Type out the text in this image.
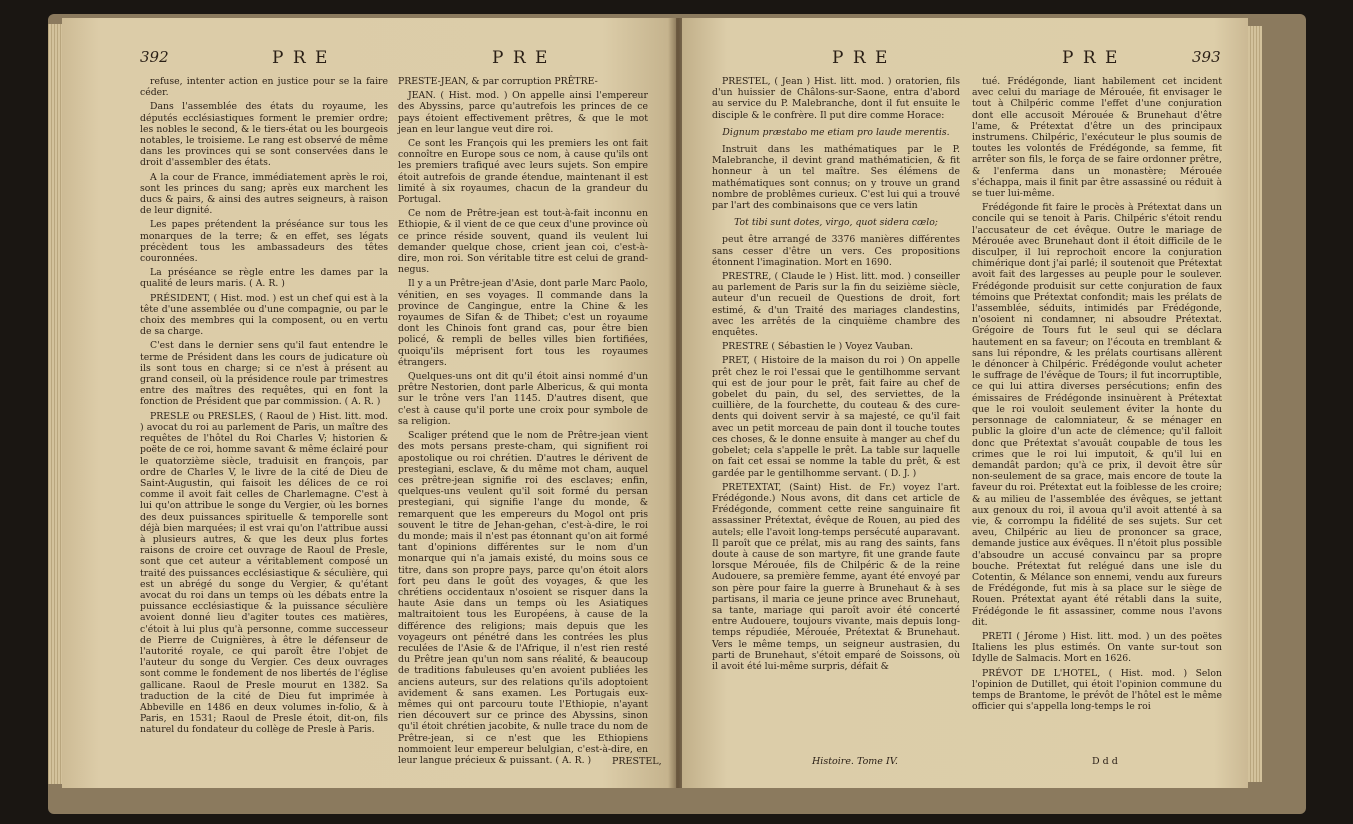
392	P R E	P R E

refuse, intenter action en justice pour se la faire céder.

Dans l'assemblée des états du royaume, les députés ecclésiastiques forment le premier ordre; les nobles le second, & le tiers-état ou les bourgeois notables, le troisieme. Le rang est observé de même dans les provinces qui se sont conservées dans le droit d'assembler des états.

A la cour de France, immédiatement après le roi, sont les princes du sang; après eux marchent les ducs & pairs, & ainsi des autres seigneurs, à raison de leur dignité.

Les papes prétendent la préséance sur tous les monarques de la terre; & en effet, ses légats précèdent tous les ambassadeurs des têtes couronnées.

La préséance se règle entre les dames par la qualité de leurs maris. ( A. R. )

PRÉSIDENT, ( Hist. mod. ) est un chef qui est à la tête d'une assemblée ou d'une compagnie, ou par le choix des membres qui la composent, ou en vertu de sa charge.

C'est dans le dernier sens qu'il faut entendre le terme de Président dans les cours de judicature où ils sont tous en charge; si ce n'est à présent au grand conseil, où la présidence roule par trimestres entre des maîtres des requêtes, qui en font la fonction de Président que par commission. ( A. R. )

PRESLE ou PRESLES, ( Raoul de ) Hist. litt. mod. ) avocat du roi au parlement de Paris, un maître des requêtes de l'hôtel du Roi Charles V; historien & poëte de ce roi, homme savant & même éclairé pour le quatorzième siècle, traduisit en françois, par ordre de Charles V, le livre de la cité de Dieu de Saint-Augustin, qui faisoit les délices de ce roi comme il avoit fait celles de Charlemagne. C'est à lui qu'on attribue le songe du Vergier, où les bornes des deux puissances spirituelle & temporelle sont déjà bien marquées; il est vrai qu'on l'attribue aussi à plusieurs autres, & que les deux plus fortes raisons de croire cet ouvrage de Raoul de Presle, sont que cet auteur a véritablement composé un traité des puissances ecclésiastique & séculière, qui est un abrégé du songe du Vergier, & qu'étant avocat du roi dans un temps où les débats entre la puissance ecclésiastique & la puissance séculière avoient donné lieu d'agiter toutes ces matières, c'étoit à lui plus qu'à personne, comme successeur de Pierre de Cuignières, à être le défenseur de l'autorité royale, ce qui paroît être l'objet de l'auteur du songe du Vergier. Ces deux ouvrages sont comme le fondement de nos libertés de l'église gallicane. Raoul de Presle mourut en 1382. Sa traduction de la cité de Dieu fut imprimée à Abbeville en 1486 en deux volumes in-folio, & à Paris, en 1531; Raoul de Presle étoit, dit-on, fils naturel du fondateur du collège de Presle à Paris.

PRESTE-JEAN, & par corruption PRÊTRE-

JEAN. ( Hist. mod. ) On appelle ainsi l'empereur des Abyssins, parce qu'autrefois les princes de ce pays étoient effectivement prêtres, & que le mot jean en leur langue veut dire roi.

Ce sont les François qui les premiers les ont fait connoître en Europe sous ce nom, à cause qu'ils ont les premiers trafiqué avec leurs sujets. Son empire étoit autrefois de grande étendue, maintenant il est limité à six royaumes, chacun de la grandeur du Portugal.

Ce nom de Prêtre-jean est tout-à-fait inconnu en Ethiopie, & il vient de ce que ceux d'une province où ce prince réside souvent, quand ils veulent lui demander quelque chose, crient jean coi, c'est-à-dire, mon roi. Son véritable titre est celui de grand-negus.

Il y a un Prêtre-jean d'Asie, dont parle Marc Paolo, vénitien, en ses voyages. Il commande dans la province de Cangingue, entre la Chine & les royaumes de Sifan & de Thibet; c'est un royaume dont les Chinois font grand cas, pour être bien policé, & rempli de belles villes bien fortifiées, quoiqu'ils méprisent fort tous les royaumes étrangers.

Quelques-uns ont dit qu'il étoit ainsi nommé d'un prêtre Nestorien, dont parle Albericus, & qui monta sur le trône vers l'an 1145. D'autres disent, que c'est à cause qu'il porte une croix pour symbole de sa religion.

Scaliger prétend que le nom de Prêtre-jean vient des mots persans preste-cham, qui signifient roi apostolique ou roi chrétien. D'autres le dérivent de prestegiani, esclave, & du même mot cham, auquel ces prêtre-jean signifie roi des esclaves; enfin, quelques-uns veulent qu'il soit formé du persan prestegiani, qui signifie l'ange du monde, & remarquent que les empereurs du Mogol ont pris souvent le titre de Jehan-gehan, c'est-à-dire, le roi du monde; mais il n'est pas étonnant qu'on ait formé tant d'opinions différentes sur le nom d'un monarque qui n'a jamais existé, du moins sous ce titre, dans son propre pays, parce qu'on étoit alors fort peu dans le goût des voyages, & que les chrétiens occidentaux n'osoient se risquer dans la haute Asie dans un temps où les Asiatiques maltraitoient tous les Européens, à cause de la différence des religions; mais depuis que les voyageurs ont pénétré dans les contrées les plus reculées de l'Asie & de l'Afrique, il n'est rien resté du Prêtre jean qu'un nom sans réalité, & beaucoup de traditions fabuleuses qu'en avoient publiées les anciens auteurs, sur des relations qu'ils adoptoient avidement & sans examen. Les Portugais eux-mêmes qui ont parcouru toute l'Ethiopie, n'ayant rien découvert sur ce prince des Abyssins, sinon qu'il étoit chrétien jacobite, & nulle trace du nom de Prêtre-jean, si ce n'est que les Ethiopiens nommoient leur empereur belulgian, c'est-à-dire, en leur langue précieux & puissant. ( A. R. )	PRESTEL,
P R E	P R E	393

PRESTEL, ( Jean ) Hist. litt. mod. ) oratorien, fils d'un huissier de Châlons-sur-Saone, entra d'abord au service du P. Malebranche, dont il fut ensuite le disciple & le confrère. Il put dire comme Horace:

Dignum præstabo me etiam pro laude merentis.

Instruit dans les mathématiques par le P. Malebranche, il devint grand mathématicien, & fit honneur à un tel maître. Ses élémens de mathématiques sont connus; on y trouve un grand nombre de problêmes curieux. C'est lui qui a trouvé par l'art des combinaisons que ce vers latin

Tot tibi sunt dotes, virgo, quot sidera cœlo;

peut être arrangé de 3376 manières différentes sans cesser d'être un vers. Ces propositions étonnent l'imagination. Mort en 1690.

PRESTRE, ( Claude le ) Hist. litt. mod. ) conseiller au parlement de Paris sur la fin du seizième siècle, auteur d'un recueil de Questions de droit, fort estimé, & d'un Traité des mariages clandestins, avec les arrêtés de la cinquième chambre des enquêtes.

PRESTRE ( Sébastien le ) Voyez Vauban.

PRET, ( Histoire de la maison du roi ) On appelle prêt chez le roi l'essai que le gentilhomme servant qui est de jour pour le prêt, fait faire au chef de gobelet du pain, du sel, des serviettes, de la cuillière, de la fourchette, du couteau & des cure-dents qui doivent servir à sa majesté, ce qu'il fait avec un petit morceau de pain dont il touche toutes ces choses, & le donne ensuite à manger au chef du gobelet; cela s'appelle le prêt. La table sur laquelle on fait cet essai se nomme la table du prêt, & est gardée par le gentilhomme servant. ( D. J. )

PRETEXTAT, (Saint) Hist. de Fr.) voyez l'art. Frédégonde.) Nous avons, dit dans cet article de Frédégonde, comment cette reine sanguinaire fit assassiner Prétextat, évêque de Rouen, au pied des autels; elle l'avoit long-temps persécuté auparavant. Il paroît que ce prélat, mis au rang des saints, fans doute à cause de son martyre, fit une grande faute lorsque Mérouée, fils de Chilpéric & de la reine Audouere, sa première femme, ayant été envoyé par son père pour faire la guerre à Brunehaut & à ses partisans, il maria ce jeune prince avec Brunehaut, sa tante, mariage qui paroît avoir été concerté entre Audouere, toujours vivante, mais depuis long-temps répudiée, Mérouée, Prétextat & Brunehaut. Vers le même temps, un seigneur austrasien, du parti de Brunehaut, s'étoit emparé de Soissons, où il avoit été lui-même surpris, défait &

tué. Frédégonde, liant habilement cet incident avec celui du mariage de Mérouée, fit envisager le tout à Chilpéric comme l'effet d'une conjuration dont elle accusoit Mérouée & Brunehaut d'être l'ame, & Prétextat d'être un des principaux instrumens. Chilpéric, l'exécuteur le plus soumis de toutes les volontés de Frédégonde, sa femme, fit arrêter son fils, le força de se faire ordonner prêtre, & l'enferma dans un monastère; Mérouée s'échappa, mais il finit par être assassiné ou réduit à se tuer lui-même.

Frédégonde fit faire le procès à Prétextat dans un concile qui se tenoit à Paris. Chilpéric s'étoit rendu l'accusateur de cet évêque. Outre le mariage de Mérouée avec Brunehaut dont il étoit difficile de le disculper, il lui reprochoit encore la conjuration chimérique dont j'ai parlé; il soutenoit que Prétextat avoit fait des largesses au peuple pour le soulever. Frédégonde produisit sur cette conjuration de faux témoins que Prétextat confondit; mais les prélats de l'assemblée, séduits, intimidés par Frédégonde, n'osoient ni condamner, ni absoudre Prétextat. Grégoire de Tours fut le seul qui se déclara hautement en sa faveur; on l'écouta en tremblant & sans lui répondre, & les prélats courtisans allèrent le dénoncer à Chilpéric. Frédégonde voulut acheter le suffrage de l'évêque de Tours; il fut incorruptible, ce qui lui attira diverses persécutions; enfin des émissaires de Frédégonde insinuèrent à Prétextat que le roi vouloit seulement éviter la honte du personnage de calomniateur, & se ménager en public la gloire d'un acte de clémence; qu'il falloit donc que Prétextat s'avouât coupable de tous les crimes que le roi lui imputoit, & qu'il lui en demandât pardon; qu'à ce prix, il devoit être sûr non-seulement de sa grace, mais encore de toute la faveur du roi. Prétextat eut la foiblesse de les croire; & au milieu de l'assemblée des évêques, se jettant aux genoux du roi, il avoua qu'il avoit attenté à sa vie, & corrompu la fidélité de ses sujets. Sur cet aveu, Chilpéric au lieu de prononcer sa grace, demande justice aux évêques. Il n'étoit plus possible d'absoudre un accusé convaincu par sa propre bouche. Prétextat fut relégué dans une isle du Cotentin, & Mélance son ennemi, vendu aux fureurs de Frédégonde, fut mis à sa place sur le siège de Rouen. Prétextat ayant été rétabli dans la suite, Frédégonde le fit assassiner, comme nous l'avons dit.

PRETI ( Jérome ) Hist. litt. mod. ) un des poëtes Italiens les plus estimés. On vante sur-tout son Idylle de Salmacis. Mort en 1626.

PRÉVOT DE L'HOTEL, ( Hist. mod. ) Selon l'opinion de Dutillet, qui étoit l'opinion commune du temps de Brantome, le prévôt de l'hôtel est le même officier qui s'appella long-temps le roi

Histoire. Tome IV.	D d d
